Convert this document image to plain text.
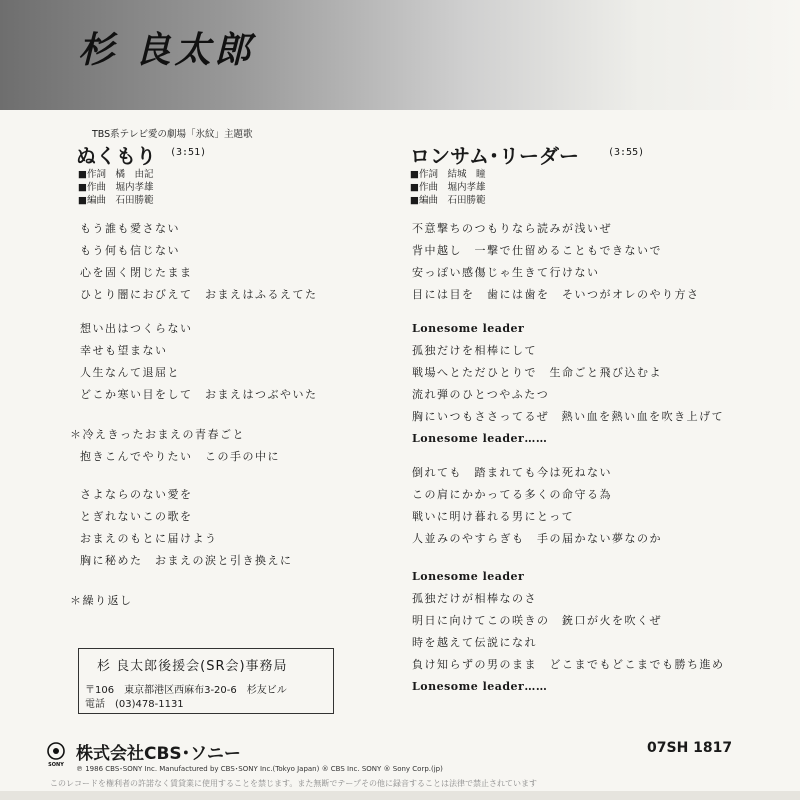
杉 良太郎
TBS系テレビ愛の劇場「氷紋」主題歌
ぬくもり (3:51)
■作詞　橘　由記
■作曲　堀内孝雄
■編曲　石田勝範
もう誰も愛さない
もう何も信じない
心を固く閉じたまま
ひとり闇におびえて　おまえはふるえてた
想い出はつくらない
幸せも望まない
人生なんて退屈と
どこか寒い目をして　おまえはつぶやいた
＊冷えきったおまえの青春ごと
抱きこんでやりたい　この手の中に
さよならのない愛を
とぎれないこの歌を
おまえのもとに届けよう
胸に秘めた　おまえの涙と引き換えに
＊繰り返し
ロンサム･リーダー	(3:55)
■作詞　結城　瞳
■作曲　堀内孝雄
■編曲　石田勝範
不意撃ちのつもりなら読みが浅いぜ
背中越し　一撃で仕留めることもできないで
安っぽい感傷じゃ生きて行けない
目には目を　歯には歯を　そいつがオレのやり方さ
Lonesome leader
孤独だけを相棒にして
戦場へとただひとりで　生命ごと飛び込むよ
流れ弾のひとつやふたつ
胸にいつもささってるぜ　熱い血を熱い血を吹き上げて
Lonesome leader……
倒れても　踏まれても今は死ねない
この肩にかかってる多くの命守る為
戦いに明け暮れる男にとって
人並みのやすらぎも　手の届かない夢なのか
Lonesome leader
孤独だけが相棒なのさ
明日に向けてこの咲きの　銃口が火を吹くぜ
時を越えて伝説になれ
負け知らずの男のまま　どこまでもどこまでも勝ち進め
Lonesome leader……
杉 良太郎後援会(SR会)事務局
〒106　東京都港区西麻布3-20-6　杉友ビル
電話　(03)478-1131
SONY
株式会社CBS･ソニー	07SH 1817
℗ 1986 CBS･SONY Inc. Manufactured by CBS･SONY Inc.(Tokyo Japan) ® CBS Inc. SONY ® Sony Corp.(jp)
このレコードを権利者の許諾なく賃貸業に使用することを禁じます。また無断でテープその他に録音することは法律で禁止されています
